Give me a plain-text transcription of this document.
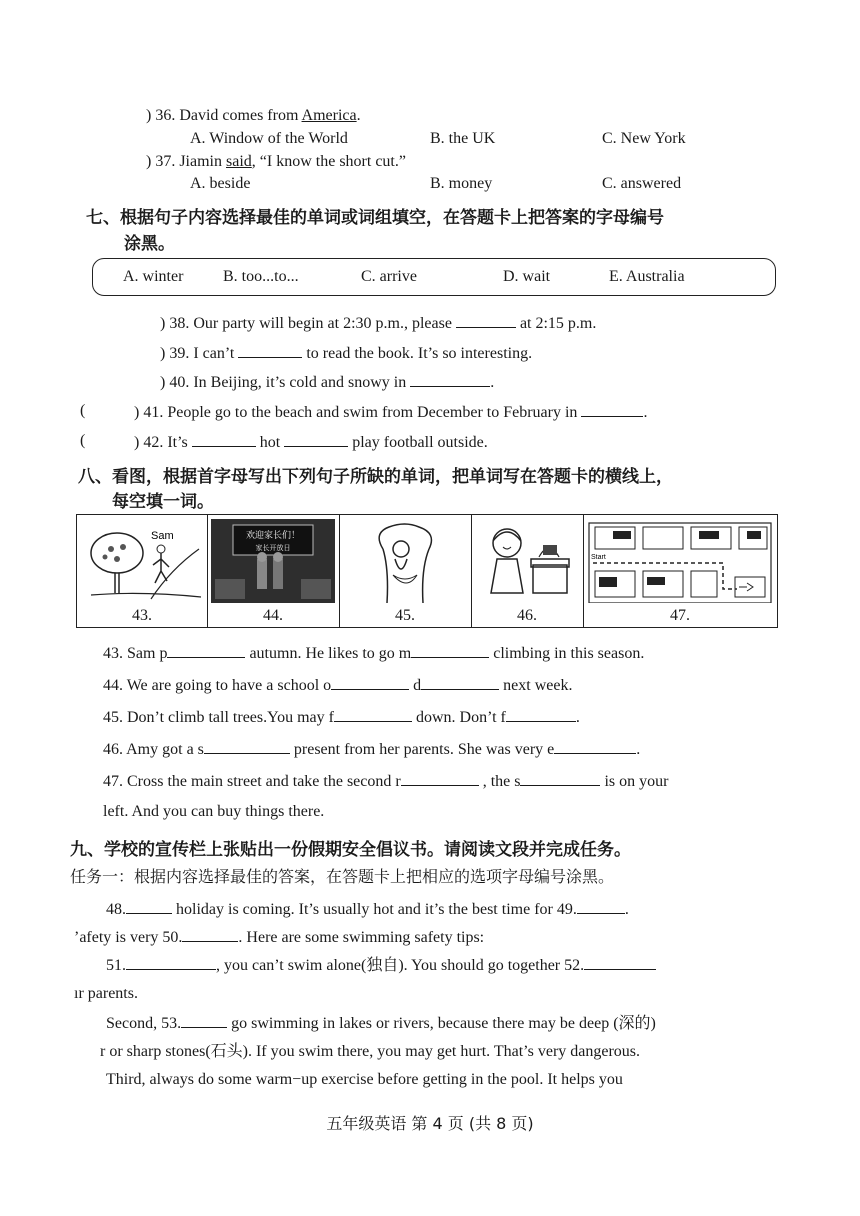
) 36. David comes from America.
A. Window of the World	B. the UK	C. New York
) 37. Jiamin said, “I know the short cut.”
A. beside	B. money	C. answered
七、根据句子内容选择最佳的单词或词组填空，在答题卡上把答案的字母编号
涂黑。
A. winter B. too...to...	C. arrive	D. wait	E. Australia
) 38. Our party will begin at 2:30 p.m., please	at 2:15 p.m.
) 39. I can’t	to read the book. It’s so interesting.
) 40. In Beijing, it’s cold and snowy in	.
(	) 41. People go to the beach and swim from December to February in	.
(	) 42. It’s	hot	play football outside.
八、看图，根据首字母写出下列句子所缺的单词，把单词写在答题卡的横线上，
每空填一词。
Sam
43.
欢迎家长们！
家长开放日
44.	45.	46.
Start
47.
43. Sam p	autumn. He likes to go m	climbing in this season.
44. We are going to have a school o	d	next week.
45. Don’t climb tall trees.You may f	down. Don’t f	.
46. Amy got a s	present from her parents. She was very e	.
47. Cross the main street and take the second r	, the s	is on your
left. And you can buy things there.
九、学校的宣传栏上张贴出一份假期安全倡议书。请阅读文段并完成任务。
任务一：根据内容选择最佳的答案，在答题卡上把相应的选项字母编号涂黑。
48.	holiday is coming. It’s usually hot and it’s the best time for 49.	.
’afety is very 50.	. Here are some swimming safety tips:
51.	, you can’t swim alone(独自). You should go together 52.
ır parents.
Second, 53.	go swimming in lakes or rivers, because there may be deep (深的)
r or sharp stones(石头). If you swim there, you may get hurt. That’s very dangerous.
Third, always do some warm−up exercise before getting in the pool. It helps you
五年级英语 第 4 页 (共 8 页)
